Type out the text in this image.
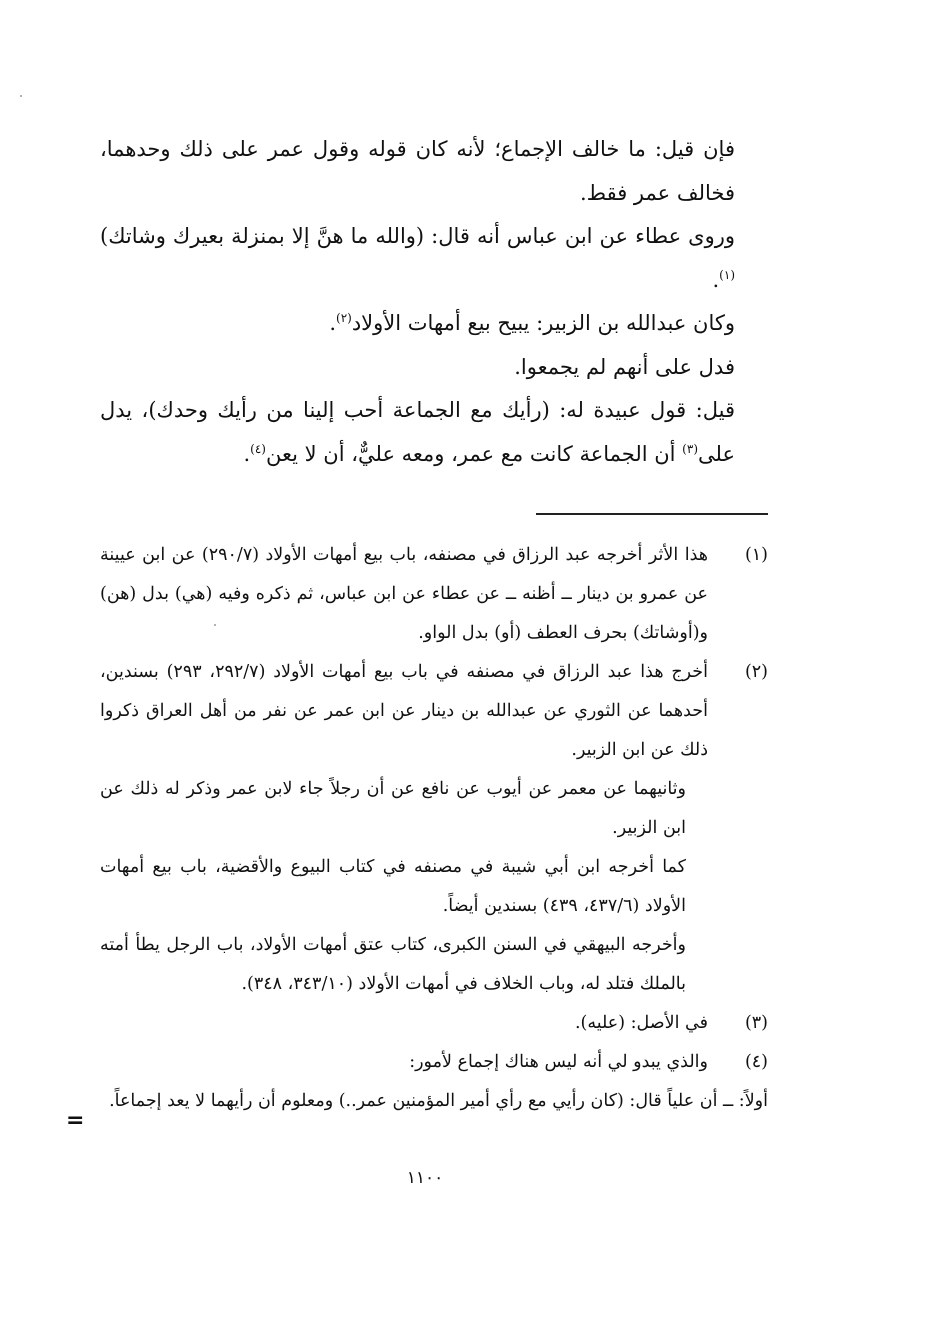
فإن قيل: ما خالف الإجماع؛ لأنه كان قوله وقول عمر على ذلك وحدهما، فخالف عمر فقط.

وروى عطاء عن ابن عباس أنه قال: (والله ما هنَّ إلا بمنزلة بعيرك وشاتك)$^{(١)}$.

وكان عبدالله بن الزبير: يبيح بيع أمهات الأولاد$^{(٢)}$.

فدل على أنهم لم يجمعوا.

قيل: قول عبيدة له: (رأيك مع الجماعة أحب إلينا من رأيك وحدك)، يدل على$^{(٣)}$ أن الجماعة كانت مع عمر، ومعه عليٌّ، أن لا يعن$^{(٤)}$.

(١)

هذا الأثر أخرجه عبد الرزاق في مصنفه، باب بيع أمهات الأولاد (٢٩٠/٧) عن ابن عيينة عن عمرو بن دينار ــ أظنه ــ عن عطاء عن ابن عباس، ثم ذكره وفيه (هي) بدل (هن) و(أوشاتك) بحرف العطف (أو) بدل الواو.

(٢)

أخرج هذا عبد الرزاق في مصنفه في باب بيع أمهات الأولاد (٢٩٢/٧، ٢٩٣) بسندين، أحدهما عن الثوري عن عبدالله بن دينار عن ابن عمر عن نفر من أهل العراق ذكروا ذلك عن ابن الزبير.

وثانيهما عن معمر عن أيوب عن نافع عن أن رجلاً جاء لابن عمر وذكر له ذلك عن ابن الزبير.

كما أخرجه ابن أبي شيبة في مصنفه في كتاب البيوع والأقضية، باب بيع أمهات الأولاد (٤٣٧/٦، ٤٣٩) بسندين أيضاً.

وأخرجه البيهقي في السنن الكبرى، كتاب عتق أمهات الأولاد، باب الرجل يطأ أمته بالملك فتلد له، وباب الخلاف في أمهات الأولاد (٣٤٣/١٠، ٣٤٨).

(٣)

في الأصل: (عليه).

(٤)

والذي يبدو لي أنه ليس هناك إجماع لأمور:

أولاً: ــ أن علياً قال: (كان رأيي مع رأي أمير المؤمنين عمر..) ومعلوم أن رأيهما لا يعد إجماعاً.

=
١١٠٠
